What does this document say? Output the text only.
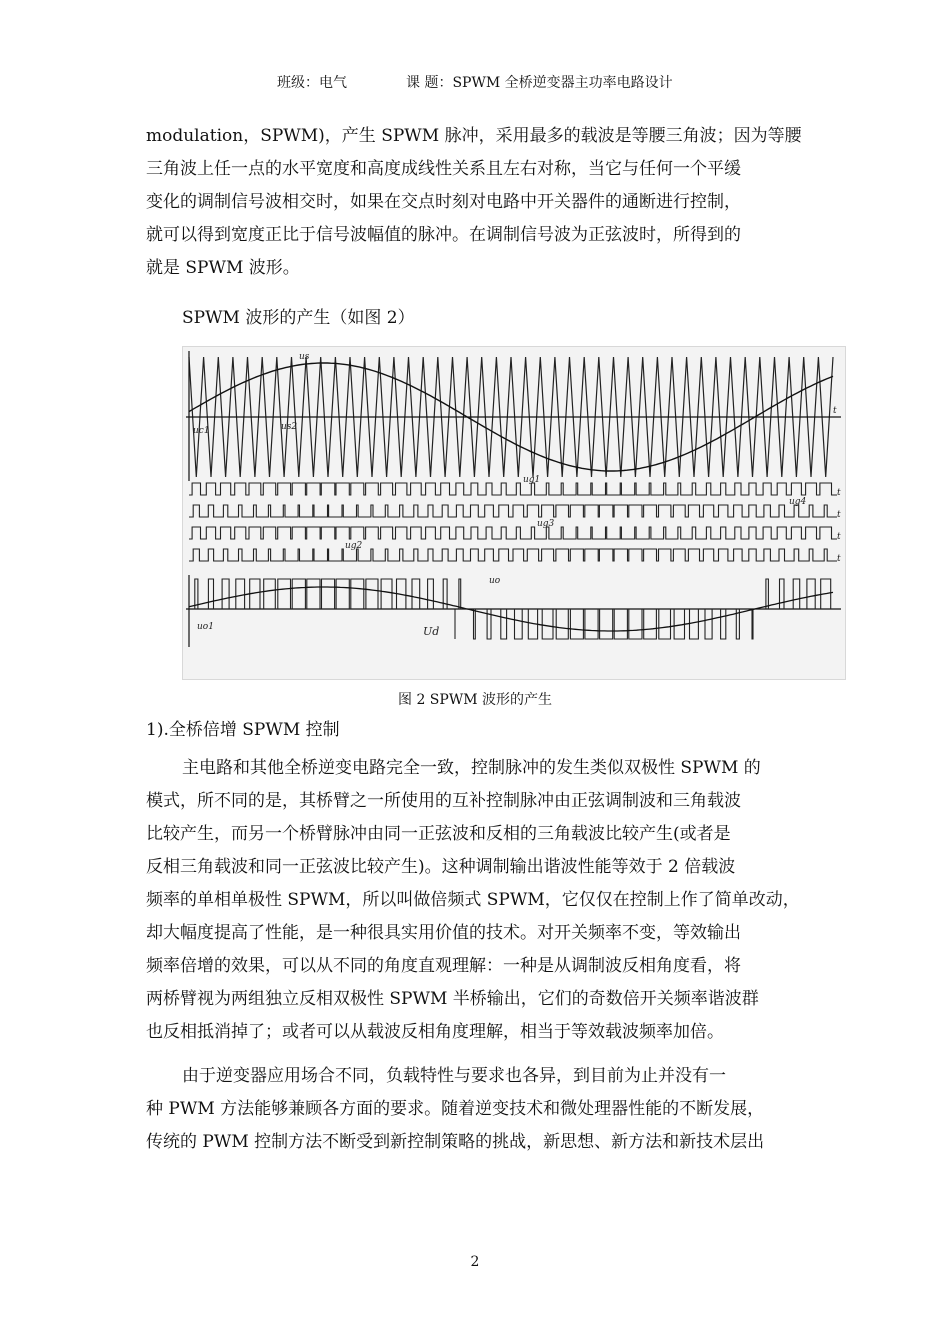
班级：电气	课 题：SPWM 全桥逆变器主功率电路设计

modulation，SPWM)，产生 SPWM 脉冲，采用最多的载波是等腰三角波；因为等腰
三角波上任一点的水平宽度和高度成线性关系且左右对称，当它与任何一个平缓
变化的调制信号波相交时，如果在交点时刻对电路中开关器件的通断进行控制，
就可以得到宽度正比于信号波幅值的脉冲。在调制信号波为正弦波时，所得到的
就是 SPWM 波形。

SPWM 波形的产生（如图 2）

us
uc1	us2
t
ug1
t
ug4
t
ug3
t
ug2
t
uo
uo1	Ud
图 2 SPWM 波形的产生

1).全桥倍增 SPWM 控制

主电路和其他全桥逆变电路完全一致，控制脉冲的发生类似双极性 SPWM 的
模式，所不同的是，其桥臂之一所使用的互补控制脉冲由正弦调制波和三角载波
比较产生，而另一个桥臂脉冲由同一正弦波和反相的三角载波比较产生(或者是
反相三角载波和同一正弦波比较产生)。这种调制输出谐波性能等效于 2 倍载波
频率的单相单极性 SPWM，所以叫做倍频式 SPWM，它仅仅在控制上作了简单改动，
却大幅度提高了性能，是一种很具实用价值的技术。对开关频率不变，等效输出
频率倍增的效果，可以从不同的角度直观理解：一种是从调制波反相角度看，将
两桥臂视为两组独立反相双极性 SPWM 半桥输出，它们的奇数倍开关频率谐波群
也反相抵消掉了；或者可以从载波反相角度理解，相当于等效载波频率加倍。

由于逆变器应用场合不同，负载特性与要求也各异，到目前为止并没有一
种 PWM 方法能够兼顾各方面的要求。随着逆变技术和微处理器性能的不断发展，
传统的 PWM 控制方法不断受到新控制策略的挑战，新思想、新方法和新技术层出

2
